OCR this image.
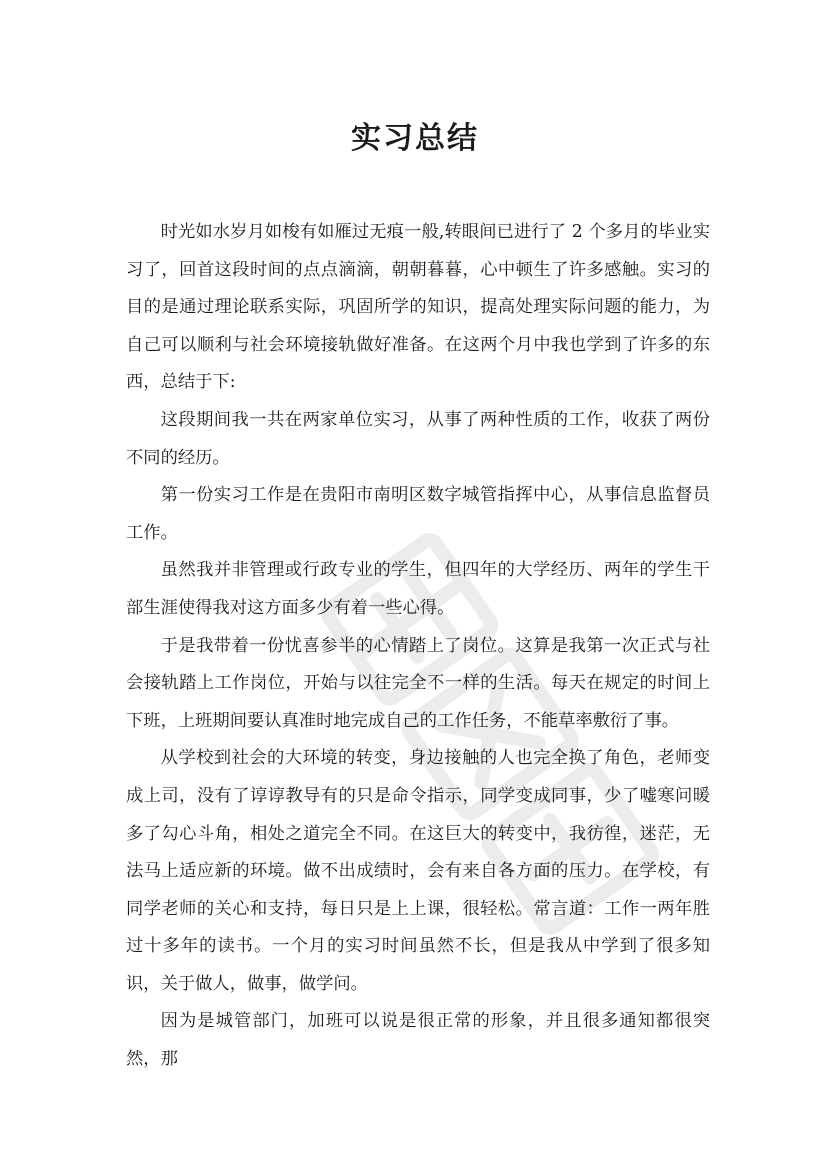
实习总结

时光如水岁月如梭有如雁过无痕一般,转眼间已进行了 2 个多月的毕业实习了，回首这段时间的点点滴滴，朝朝暮暮，心中顿生了许多感触。实习的目的是通过理论联系实际，巩固所学的知识，提高处理实际问题的能力，为自己可以顺利与社会环境接轨做好准备。在这两个月中我也学到了许多的东西，总结于下:

这段期间我一共在两家单位实习，从事了两种性质的工作，收获了两份不同的经历。

第一份实习工作是在贵阳市南明区数字城管指挥中心，从事信息监督员工作。

虽然我并非管理或行政专业的学生，但四年的大学经历、两年的学生干部生涯使得我对这方面多少有着一些心得。

于是我带着一份忧喜参半的心情踏上了岗位。这算是我第一次正式与社会接轨踏上工作岗位，开始与以往完全不一样的生活。每天在规定的时间上下班，上班期间要认真准时地完成自己的工作任务，不能草率敷衍了事。

从学校到社会的大环境的转变，身边接触的人也完全换了角色，老师变成上司，没有了谆谆教导有的只是命令指示，同学变成同事，少了嘘寒问暖多了勾心斗角，相处之道完全不同。在这巨大的转变中，我彷徨，迷茫，无法马上适应新的环境。做不出成绩时，会有来自各方面的压力。在学校，有同学老师的关心和支持，每日只是上上课，很轻松。常言道：工作一两年胜过十多年的读书。一个月的实习时间虽然不长，但是我从中学到了很多知识，关于做人，做事，做学问。

因为是城管部门，加班可以说是很正常的形象，并且很多通知都很突然，那
